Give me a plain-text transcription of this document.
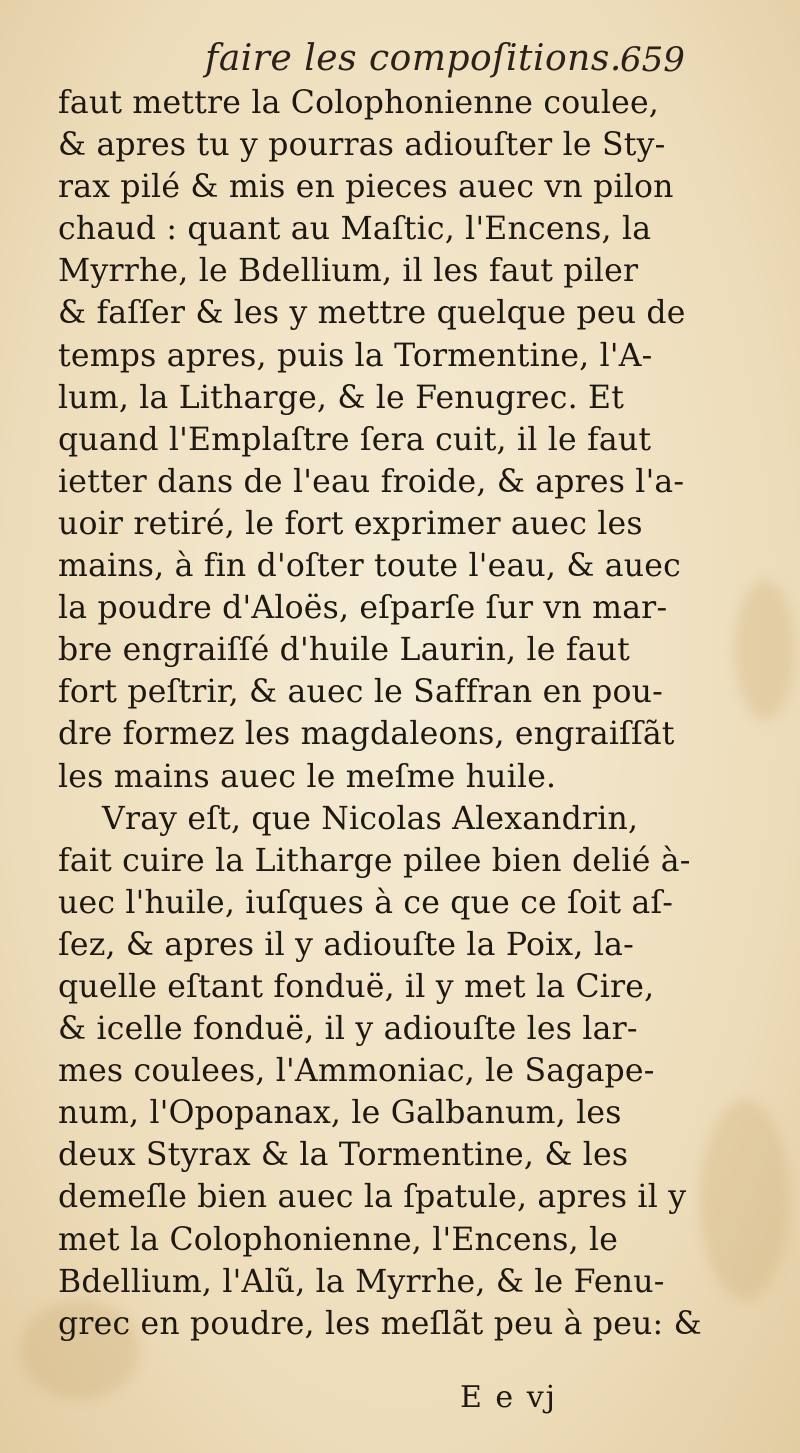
faire les compoſitions.
659
faut mettre la Colophonienne coulee,
& apres tu y pourras adiouſter le Sty-
rax pilé & mis en pieces auec vn pilon
chaud : quant au Maſtic, l'Encens, la
Myrrhe, le Bdellium, il les faut piler
& faſſer & les y mettre quelque peu de
temps apres, puis la Tormentine, l'A-
lum, la Litharge, & le Fenugrec. Et
quand l'Emplaſtre ſera cuit, il le faut
ietter dans de l'eau froide, & apres l'a-
uoir retiré, le fort exprimer auec les
mains, à fin d'oſter toute l'eau, & auec
la poudre d'Aloës, eſparſe ſur vn mar-
bre engraiſſé d'huile Laurin, le faut
fort peſtrir, & auec le Saffran en pou-
dre formez les magdaleons, engraiſſãt
les mains auec le meſme huile.
Vray eſt, que Nicolas Alexandrin,
fait cuire la Litharge pilee bien delié à-
uec l'huile, iuſques à ce que ce ſoit aſ-
ſez, & apres il y adiouſte la Poix, la-
quelle eſtant fonduë, il y met la Cire,
& icelle fonduë, il y adiouſte les lar-
mes coulees, l'Ammoniac, le Sagape-
num, l'Opopanax, le Galbanum, les
deux Styrax & la Tormentine, & les
demeſle bien auec la ſpatule, apres il y
met la Colophonienne, l'Encens, le
Bdellium, l'Alũ, la Myrrhe, & le Fenu-
grec en poudre, les meſlãt peu à peu: &
E e vj
